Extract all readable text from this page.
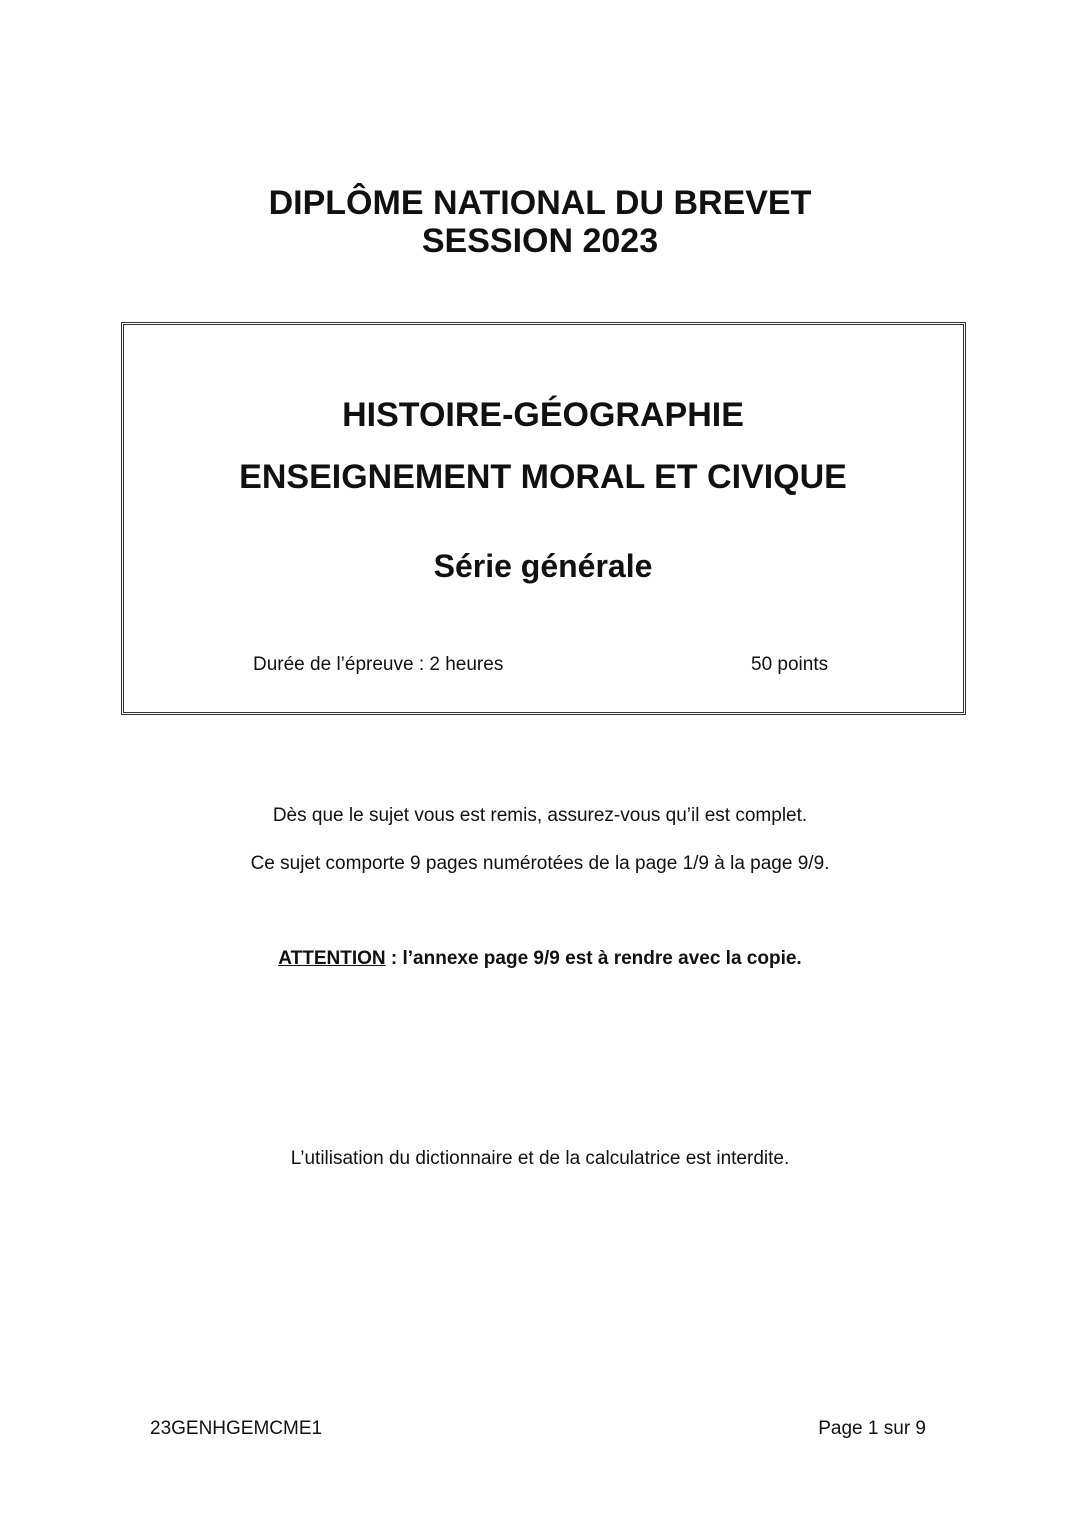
DIPLÔME NATIONAL DU BREVET
SESSION 2023
HISTOIRE-GÉOGRAPHIE
ENSEIGNEMENT MORAL ET CIVIQUE
Série générale
Durée de l’épreuve : 2 heures	50 points
Dès que le sujet vous est remis, assurez-vous qu’il est complet.
Ce sujet comporte 9 pages numérotées de la page 1/9 à la page 9/9.
ATTENTION : l’annexe page 9/9 est à rendre avec la copie.
L’utilisation du dictionnaire et de la calculatrice est interdite.
23GENHGEMCME1	Page 1 sur 9
